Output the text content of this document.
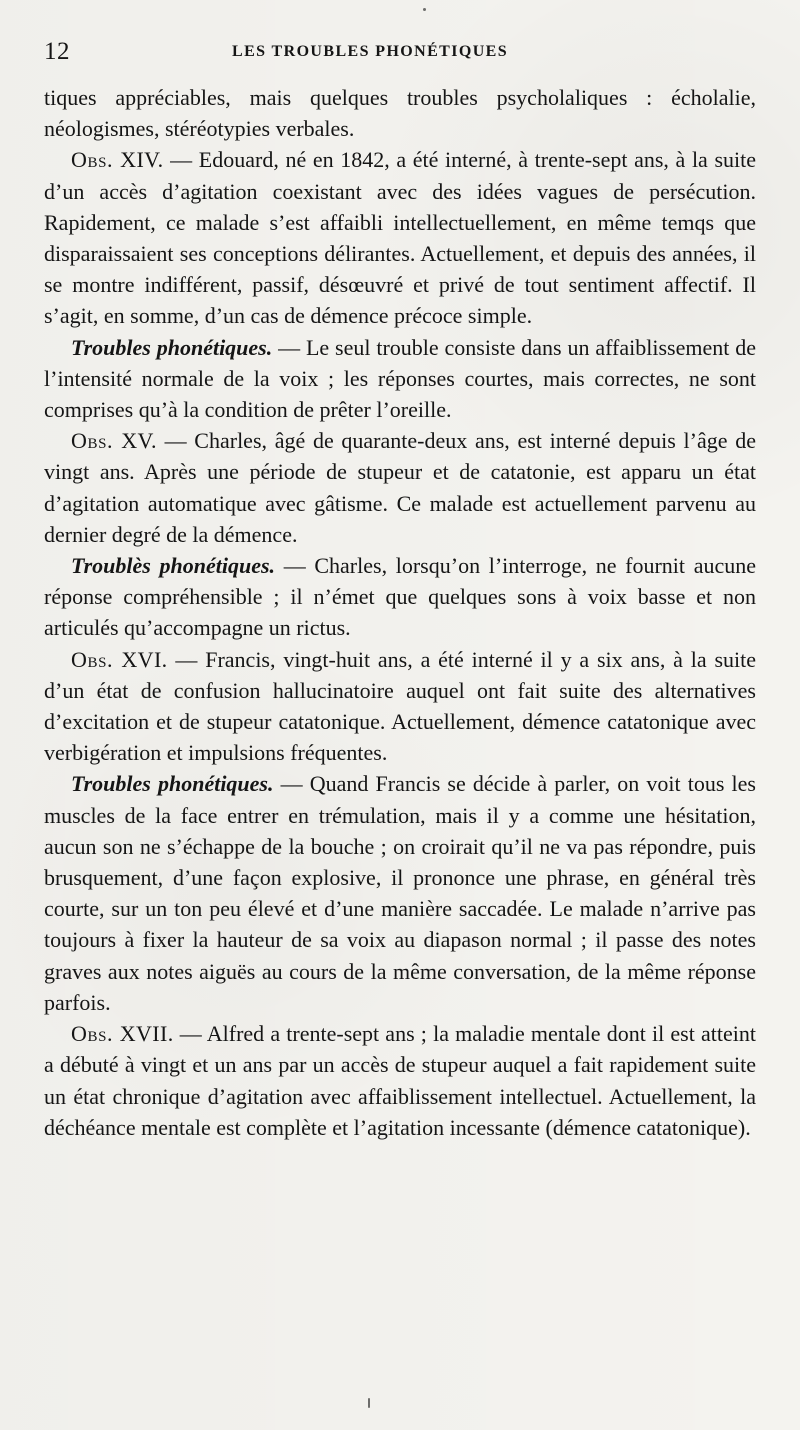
12	LES TROUBLES PHONÉTIQUES

tiques appréciables, mais quelques troubles psycholaliques : écholalie, néologismes, stéréotypies verbales.

Obs. XIV. — Edouard, né en 1842, a été interné, à trente-sept ans, à la suite d’un accès d’agitation coexistant avec des idées vagues de persécution. Rapidement, ce malade s’est affaibli intellectuellement, en même temqs que disparaissaient ses conceptions délirantes. Actuellement, et depuis des années, il se montre indifférent, passif, désœuvré et privé de tout sentiment affectif. Il s’agit, en somme, d’un cas de démence précoce simple.

Troubles phonétiques. — Le seul trouble consiste dans un affaiblissement de l’intensité normale de la voix ; les réponses courtes, mais correctes, ne sont comprises qu’à la condition de prêter l’oreille.

Obs. XV. — Charles, âgé de quarante-deux ans, est interné depuis l’âge de vingt ans. Après une période de stupeur et de catatonie, est apparu un état d’agitation automatique avec gâtisme. Ce malade est actuellement parvenu au dernier degré de la démence.

Troublès phonétiques. — Charles, lorsqu’on l’interroge, ne fournit aucune réponse compréhensible ; il n’émet que quelques sons à voix basse et non articulés qu’accompagne un rictus.

Obs. XVI. — Francis, vingt-huit ans, a été interné il y a six ans, à la suite d’un état de confusion hallucinatoire auquel ont fait suite des alternatives d’excitation et de stupeur catatonique. Actuellement, démence catatonique avec verbigération et impulsions fréquentes.

Troubles phonétiques. — Quand Francis se décide à parler, on voit tous les muscles de la face entrer en trémulation, mais il y a comme une hésitation, aucun son ne s’échappe de la bouche ; on croirait qu’il ne va pas répondre, puis brusquement, d’une façon explosive, il prononce une phrase, en général très courte, sur un ton peu élevé et d’une manière saccadée. Le malade n’arrive pas toujours à fixer la hauteur de sa voix au diapason normal ; il passe des notes graves aux notes aiguës au cours de la même conversation, de la même réponse parfois.

Obs. XVII. — Alfred a trente-sept ans ; la maladie mentale dont il est atteint a débuté à vingt et un ans par un accès de stupeur auquel a fait rapidement suite un état chronique d’agitation avec affaiblissement intellectuel. Actuellement, la déchéance mentale est complète et l’agitation incessante (démence catatonique).
